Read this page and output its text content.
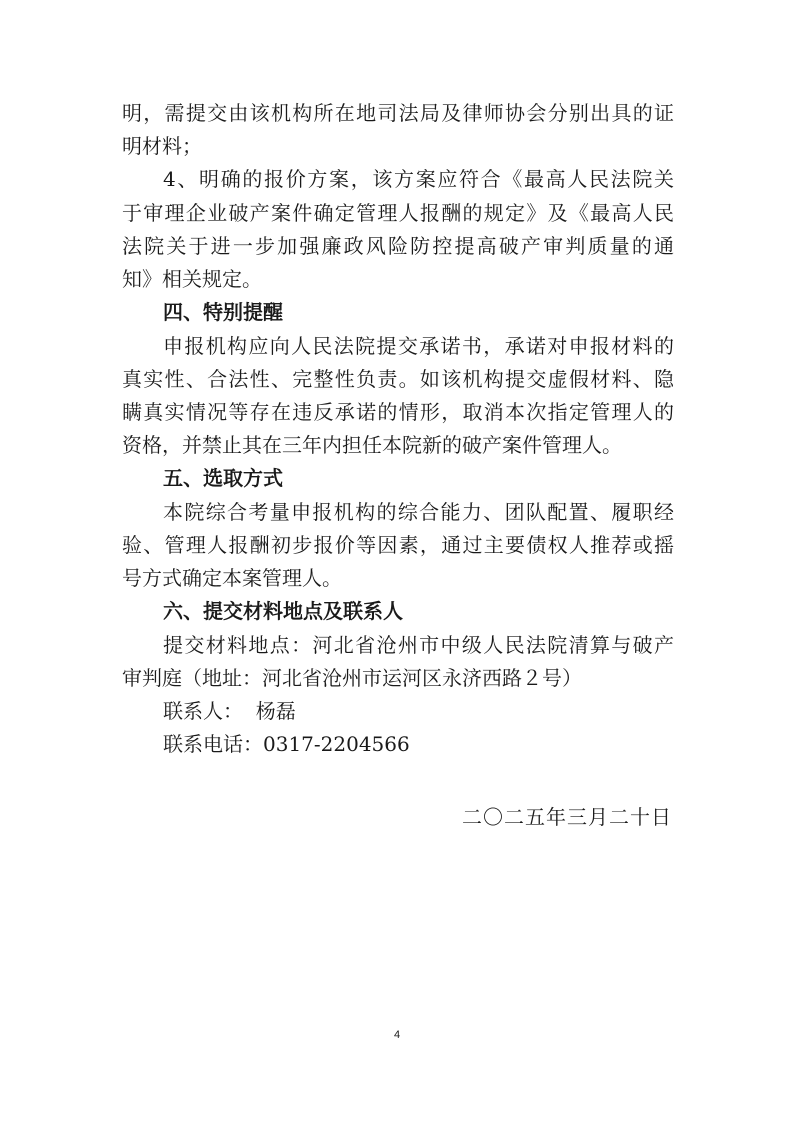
明，需提交由该机构所在地司法局及律师协会分别出具的证
明材料；
4、明确的报价方案，该方案应符合《最高人民法院关
于审理企业破产案件确定管理人报酬的规定》及《最高人民
法院关于进一步加强廉政风险防控提高破产审判质量的通
知》相关规定。
四、特别提醒
申报机构应向人民法院提交承诺书，承诺对申报材料的
真实性、合法性、完整性负责。如该机构提交虚假材料、隐
瞒真实情况等存在违反承诺的情形，取消本次指定管理人的
资格，并禁止其在三年内担任本院新的破产案件管理人。
五、选取方式
本院综合考量申报机构的综合能力、团队配置、履职经
验、管理人报酬初步报价等因素，通过主要债权人推荐或摇
号方式确定本案管理人。
六、提交材料地点及联系人
提交材料地点：河北省沧州市中级人民法院清算与破产
审判庭（地址：河北省沧州市运河区永济西路２号）
联系人：  杨磊
联系电话：0317-2204566
二〇二五年三月二十日
4
